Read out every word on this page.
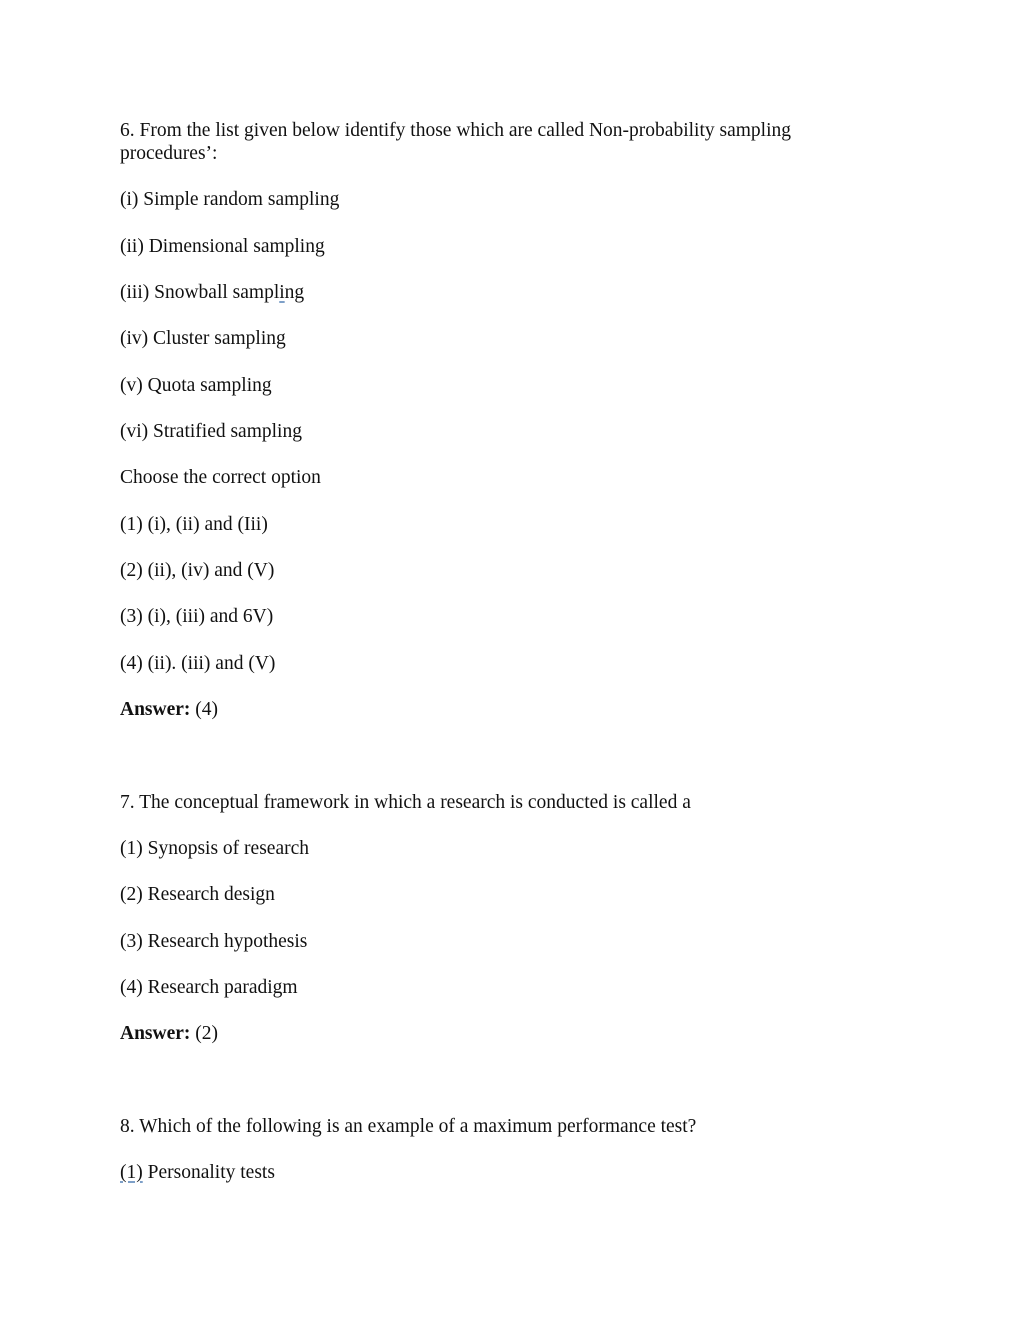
6. From the list given below identify those which are called Non-probability sampling
procedures’:
(i) Simple random sampling
(ii) Dimensional sampling
(iii) Snowball sampling
(iv) Cluster sampling
(v) Quota sampling
(vi) Stratified sampling
Choose the correct option
(1) (i), (ii) and (Iii)
(2) (ii), (iv) and (V)
(3) (i), (iii) and 6V)
(4) (ii). (iii) and (V)
Answer: (4)
7. The conceptual framework in which a research is conducted is called a
(1) Synopsis of research
(2) Research design
(3) Research hypothesis
(4) Research paradigm
Answer: (2)
8. Which of the following is an example of a maximum performance test?
(1) Personality tests
